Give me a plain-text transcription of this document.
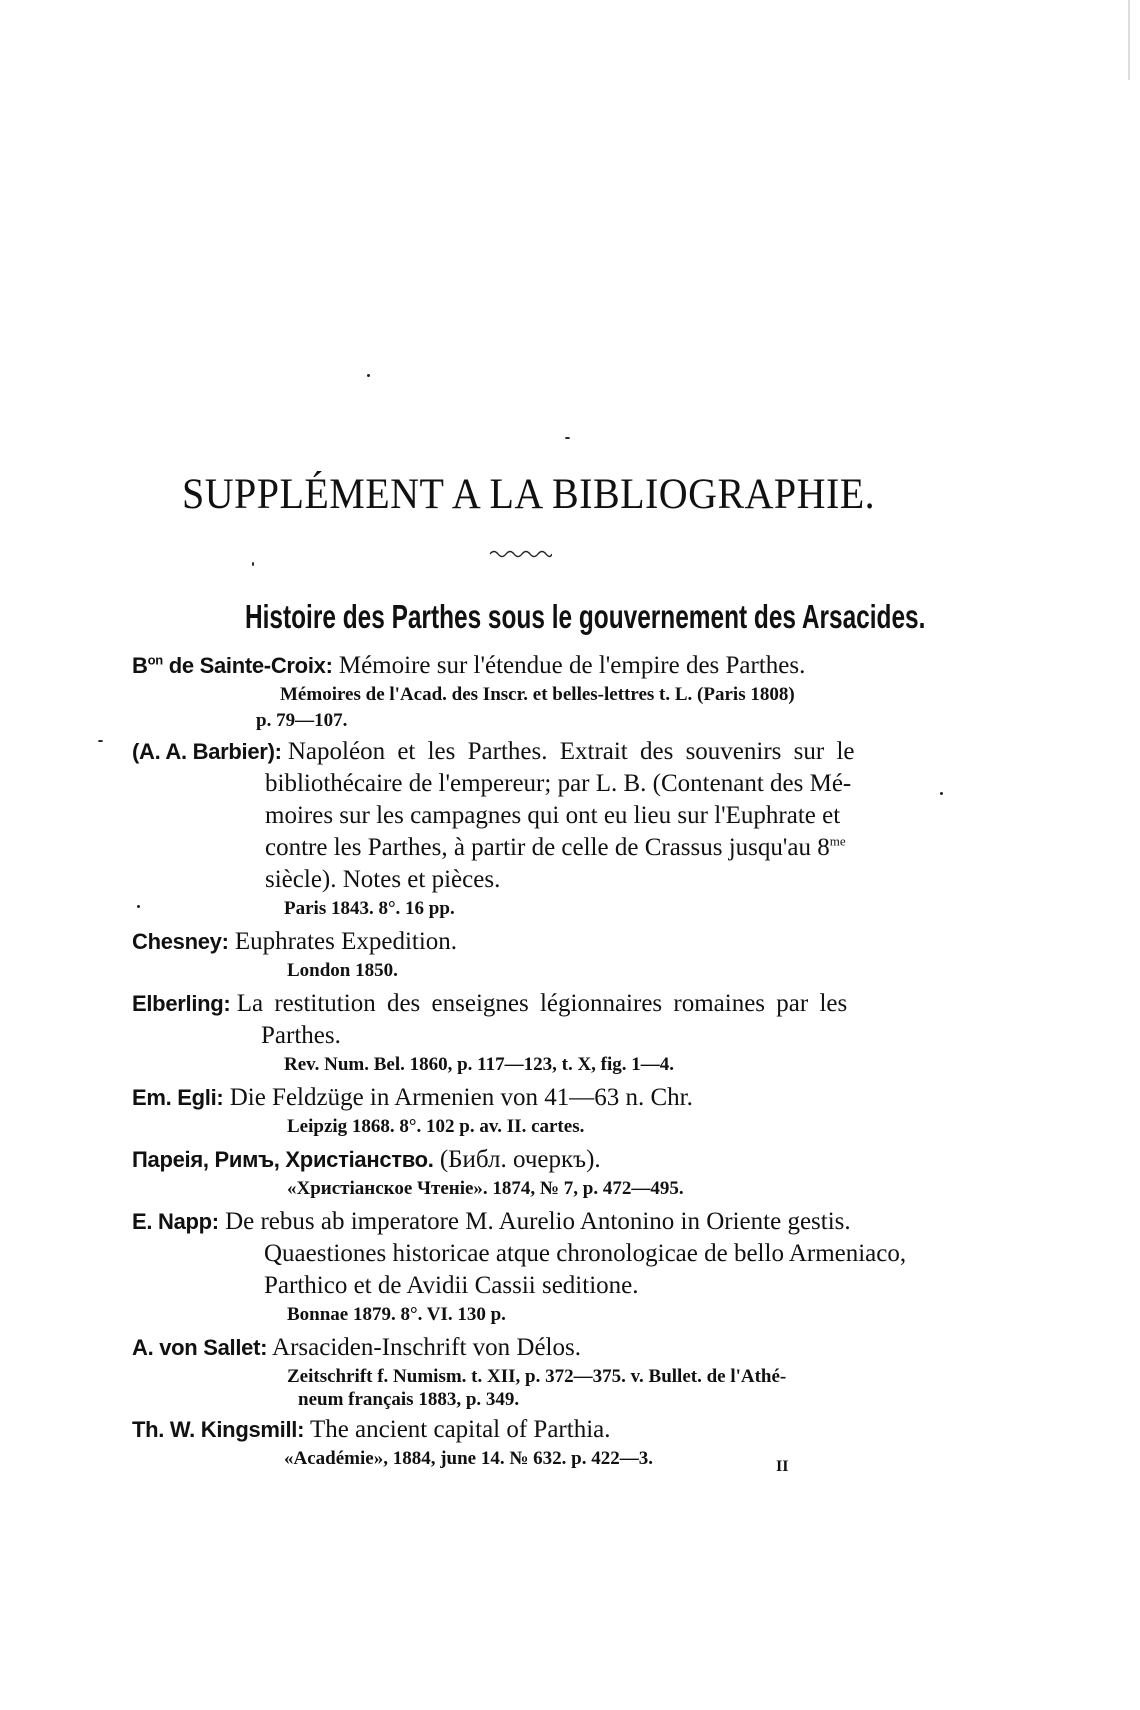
SUPPLÉMENT A LA BIBLIOGRAPHIE.
Histoire des Parthes sous le gouvernement des Arsacides.
$B^{on}$ de Sainte-Croix: Mémoire sur l'étendue de l'empire des Parthes.
Mémoires de l'Acad. des Inscr. et belles-lettres t. L. (Paris 1808)
p. 79—107.
(A. A. Barbier): Napoléon et les Parthes. Extrait des souvenirs sur le
bibliothécaire de l'empereur; par L. B. (Contenant des Mé-
moires sur les campagnes qui ont eu lieu sur l'Euphrate et
contre les Parthes, à partir de celle de Crassus jusqu'au $8^{me}$
siècle). Notes et pièces.
Paris 1843. 8°. 16 pp.
Chesney: Euphrates Expedition.
London 1850.
Elberling: La restitution des enseignes légionnaires romaines par les
Parthes.
Rev. Num. Bel. 1860, p. 117—123, t. X, fig. 1—4.
Em. Egli: Die Feldzüge in Armenien von 41—63 n. Chr.
Leipzig 1868. 8°. 102 p. av. II. cartes.
Пареія, Римъ, Христіанство. (Библ. очеркъ).
«Христіанское Чтеніе». 1874, № 7, p. 472—495.
E. Napp: De rebus ab imperatore M. Aurelio Antonino in Oriente gestis.
Quaestiones historicae atque chronologicae de bello Armeniaco,
Parthico et de Avidii Cassii seditione.
Bonnae 1879. 8°. VI. 130 p.
A. von Sallet: Arsaciden-Inschrift von Délos.
Zeitschrift f. Numism. t. XII, p. 372—375. v. Bullet. de l'Athé-
neum français 1883, p. 349.
Th. W. Kingsmill: The ancient capital of Parthia.
«Académie», 1884, june 14. № 632. p. 422—3.	II
